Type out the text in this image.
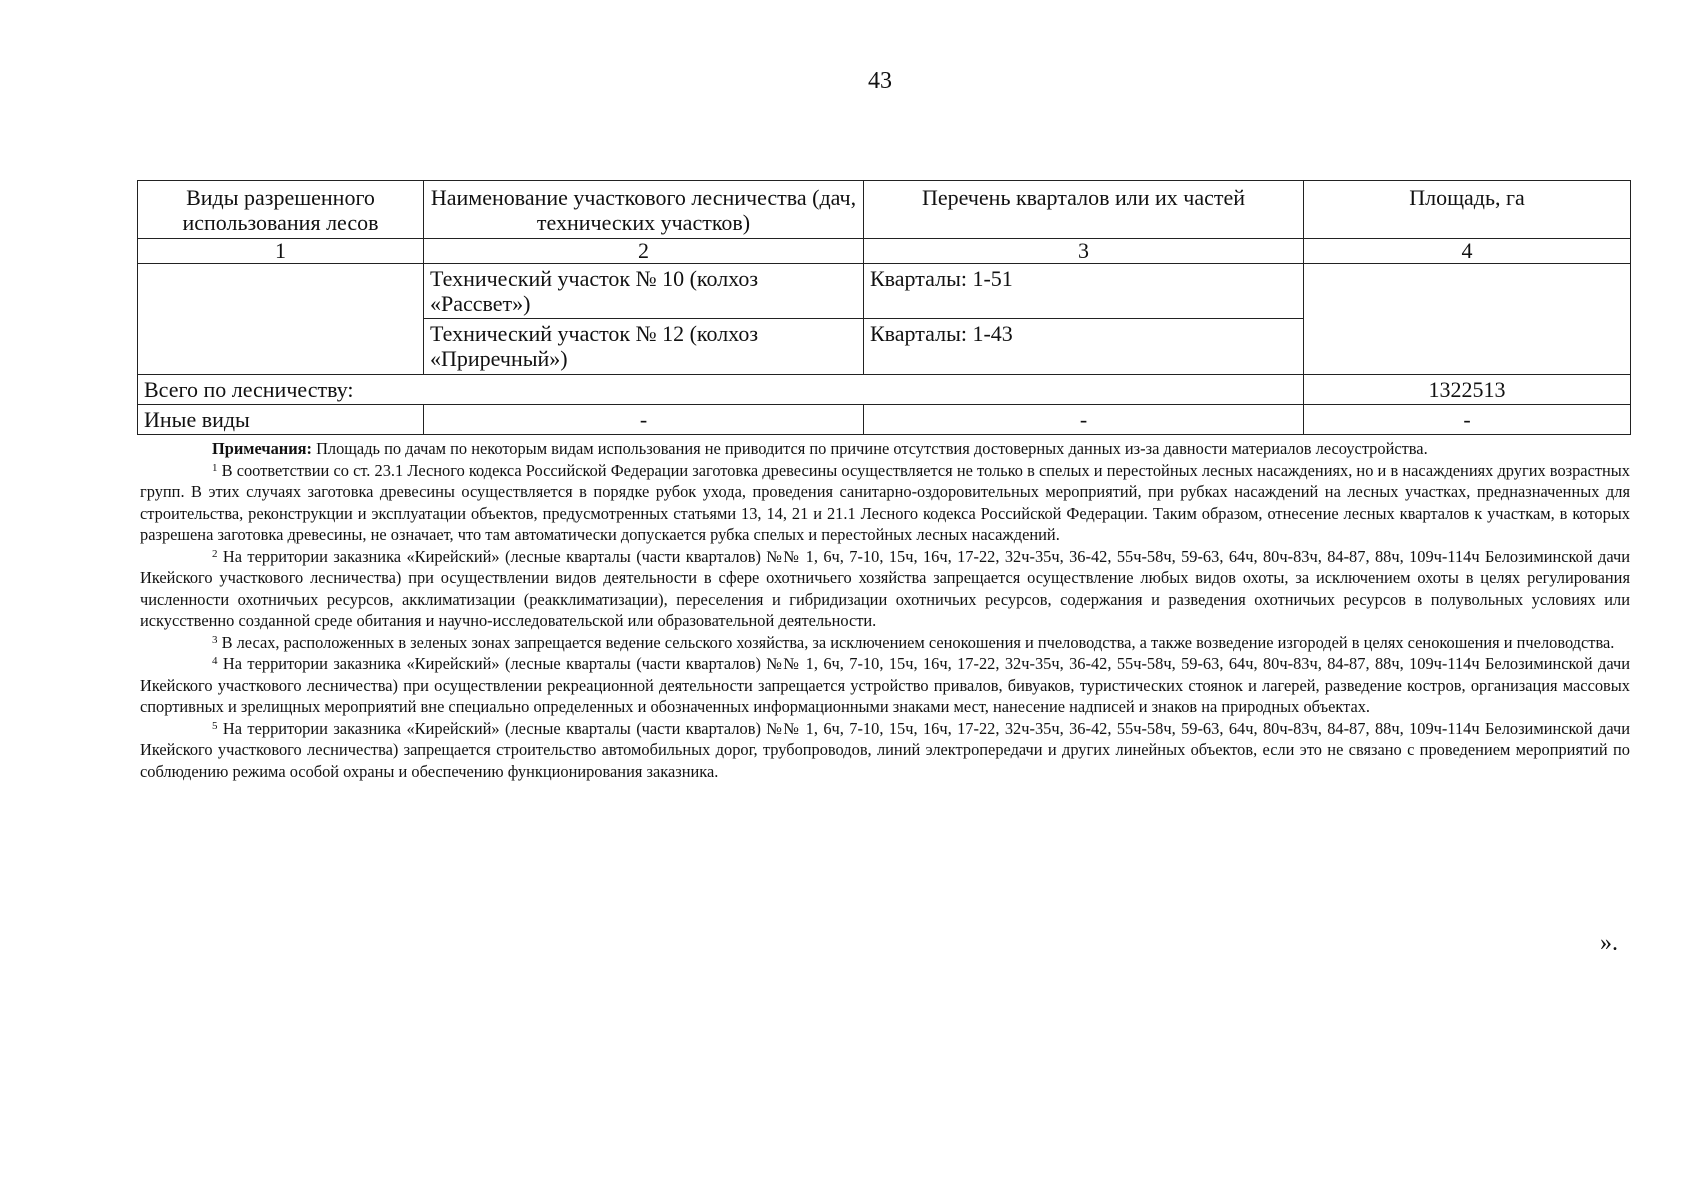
43
Виды разрешенного использования лесов	Наименование участкового лесничества (дач, технических участков)	Перечень кварталов или их частей	Площадь, га
1	2	3	4
	Технический участок № 10 (колхоз «Рассвет»)	Кварталы: 1-51	
	Технический участок № 12 (колхоз «Приречный»)	Кварталы: 1-43	
Всего по лесничеству:			1322513
Иные виды	-	-	-

Примечания: Площадь по дачам по некоторым видам использования не приводится по причине отсутствия достоверных данных из-за давности материалов лесоустройства.

$^1$ В соответствии со ст. 23.1 Лесного кодекса Российской Федерации заготовка древесины осуществляется не только в спелых и перестойных лесных насаждениях, но и в насаждениях других возрастных групп. В этих случаях заготовка древесины осуществляется в порядке рубок ухода, проведения санитарно-оздоровительных мероприятий, при рубках насаждений на лесных участках, предназначенных для строительства, реконструкции и эксплуатации объектов, предусмотренных статьями 13, 14, 21 и 21.1 Лесного кодекса Российской Федерации. Таким образом, отнесение лесных кварталов к участкам, в которых разрешена заготовка древесины, не означает, что там автоматически допускается рубка спелых и перестойных лесных насаждений.

$^2$ На территории заказника «Кирейский» (лесные кварталы (части кварталов) №№ 1, 6ч, 7-10, 15ч, 16ч, 17-22, 32ч-35ч, 36-42, 55ч-58ч, 59-63, 64ч, 80ч-83ч, 84-87, 88ч, 109ч-114ч Белозиминской дачи Икейского участкового лесничества) при осуществлении видов деятельности в сфере охотничьего хозяйства запрещается осуществление любых видов охоты, за исключением охоты в целях регулирования численности охотничьих ресурсов, акклиматизации (реакклиматизации), переселения и гибридизации охотничьих ресурсов, содержания и разведения охотничьих ресурсов в полувольных условиях или искусственно созданной среде обитания и научно-исследовательской или образовательной деятельности.

$^3$ В лесах, расположенных в зеленых зонах запрещается ведение сельского хозяйства, за исключением сенокошения и пчеловодства, а также возведение изгородей в целях сенокошения и пчеловодства.

$^4$ На территории заказника «Кирейский» (лесные кварталы (части кварталов) №№ 1, 6ч, 7-10, 15ч, 16ч, 17-22, 32ч-35ч, 36-42, 55ч-58ч, 59-63, 64ч, 80ч-83ч, 84-87, 88ч, 109ч-114ч Белозиминской дачи Икейского участкового лесничества) при осуществлении рекреационной деятельности запрещается устройство привалов, бивуаков, туристических стоянок и лагерей, разведение костров, организация массовых спортивных и зрелищных мероприятий вне специально определенных и обозначенных информационными знаками мест, нанесение надписей и знаков на природных объектах.

$^5$ На территории заказника «Кирейский» (лесные кварталы (части кварталов) №№ 1, 6ч, 7-10, 15ч, 16ч, 17-22, 32ч-35ч, 36-42, 55ч-58ч, 59-63, 64ч, 80ч-83ч, 84-87, 88ч, 109ч-114ч Белозиминской дачи Икейского участкового лесничества) запрещается строительство автомобильных дорог, трубопроводов, линий электропередачи и других линейных объектов, если это не связано с проведением мероприятий по соблюдению режима особой охраны и обеспечению функционирования заказника.

».
